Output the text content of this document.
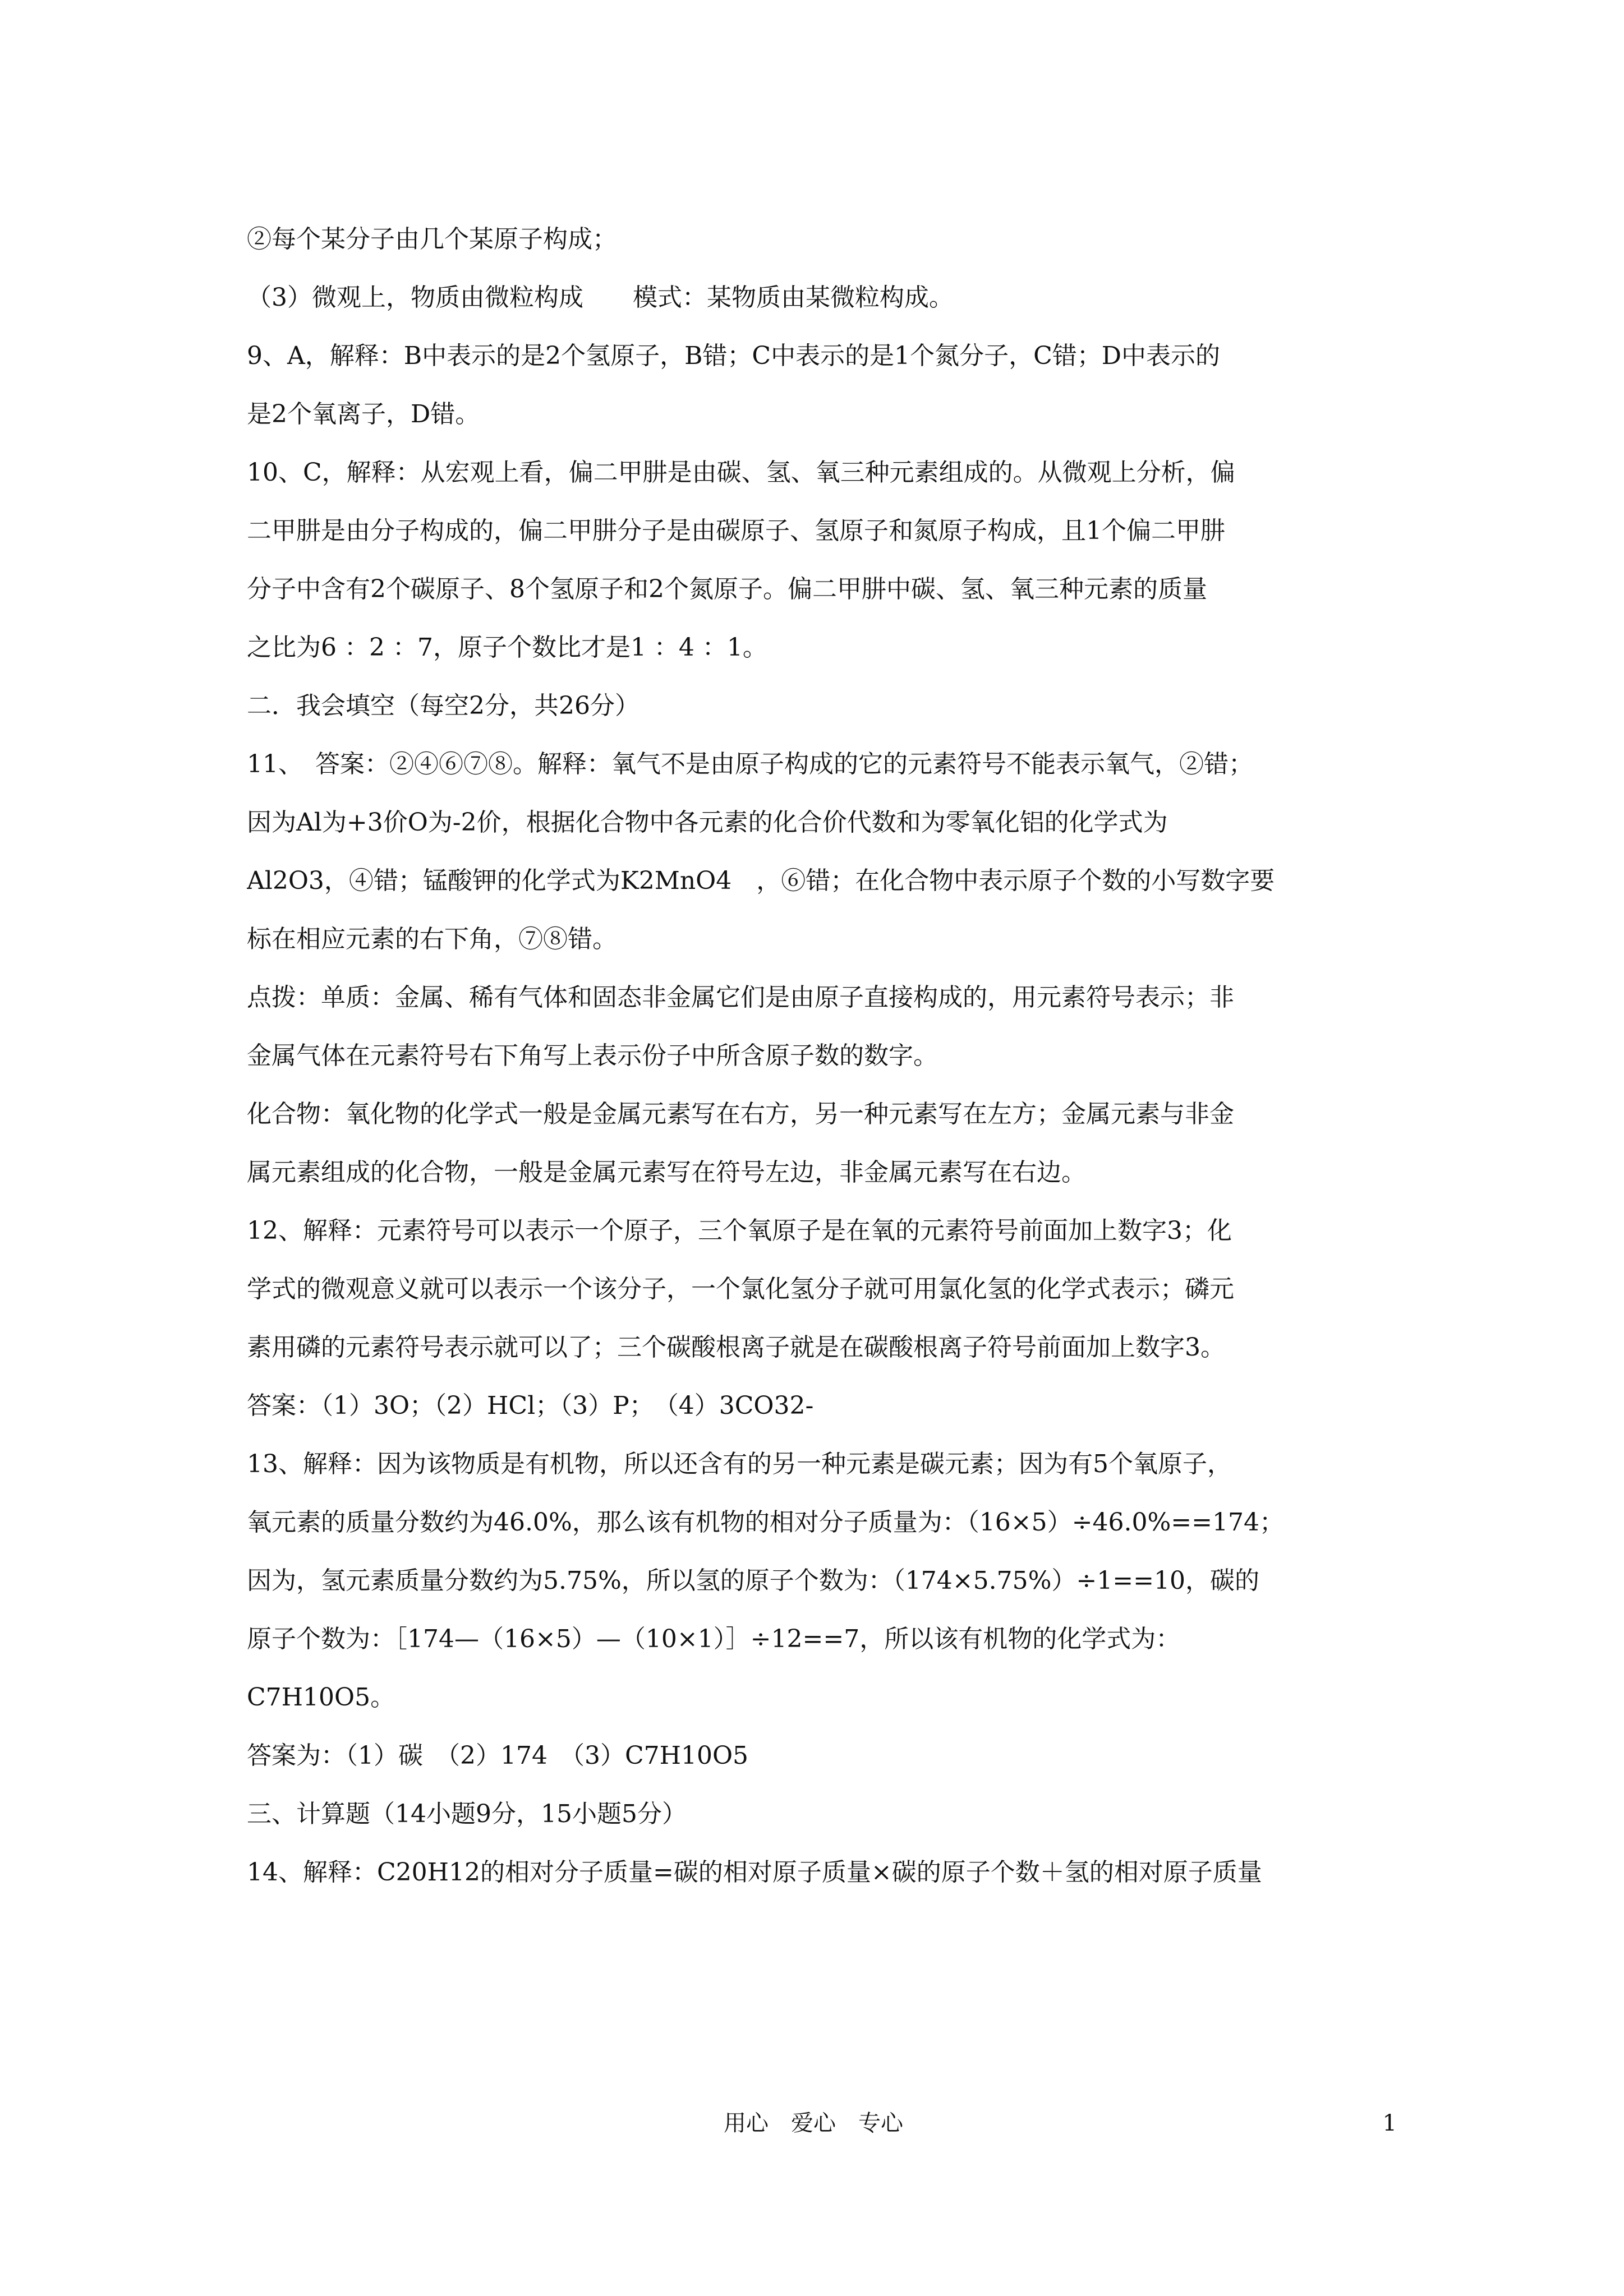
②每个某分子由几个某原子构成；
（3）微观上，物质由微粒构成　　模式：某物质由某微粒构成。
9、A，解释：B中表示的是2个氢原子，B错；C中表示的是1个氮分子，C错；D中表示的
是2个氧离子，D错。
10、C，解释：从宏观上看，偏二甲肼是由碳、氢、氧三种元素组成的。从微观上分析，偏
二甲肼是由分子构成的，偏二甲肼分子是由碳原子、氢原子和氮原子构成，且1个偏二甲肼
分子中含有2个碳原子、8个氢原子和2个氮原子。偏二甲肼中碳、氢、氧三种元素的质量
之比为6 ：2 ：7，原子个数比才是1 ：4 ：1。
二．我会填空（每空2分，共26分）
11、　答案：②④⑥⑦⑧。解释：氧气不是由原子构成的它的元素符号不能表示氧气，②错；
因为Al为+3价O为-2价，根据化合物中各元素的化合价代数和为零氧化铝的化学式为
Al2O3，④错；锰酸钾的化学式为K2MnO4　，⑥错；在化合物中表示原子个数的小写数字要
标在相应元素的右下角，⑦⑧错。
点拨：单质：金属、稀有气体和固态非金属它们是由原子直接构成的，用元素符号表示；非
金属气体在元素符号右下角写上表示份子中所含原子数的数字。
化合物：氧化物的化学式一般是金属元素写在右方，另一种元素写在左方；金属元素与非金
属元素组成的化合物，一般是金属元素写在符号左边，非金属元素写在右边。
12、解释：元素符号可以表示一个原子，三个氧原子是在氧的元素符号前面加上数字3；化
学式的微观意义就可以表示一个该分子，一个氯化氢分子就可用氯化氢的化学式表示；磷元
素用磷的元素符号表示就可以了；三个碳酸根离子就是在碳酸根离子符号前面加上数字3。
答案：（1）3O；（2）HCl；（3）P；　（4）3CO32-
13、解释：因为该物质是有机物，所以还含有的另一种元素是碳元素；因为有5个氧原子，
氧元素的质量分数约为46.0%，那么该有机物的相对分子质量为：（16×5）÷46.0%==174；
因为，氢元素质量分数约为5.75%，所以氢的原子个数为：（174×5.75%）÷1==10，碳的
原子个数为：［174—（16×5）—（10×1）］÷12==7，所以该有机物的化学式为：
C7H10O5。
答案为：（1）碳　（2）174　（3）C7H10O5
三、计算题（14小题9分，15小题5分）
14、解释：C20H12的相对分子质量=碳的相对原子质量×碳的原子个数＋氢的相对原子质量
用心　爱心　专心	1
